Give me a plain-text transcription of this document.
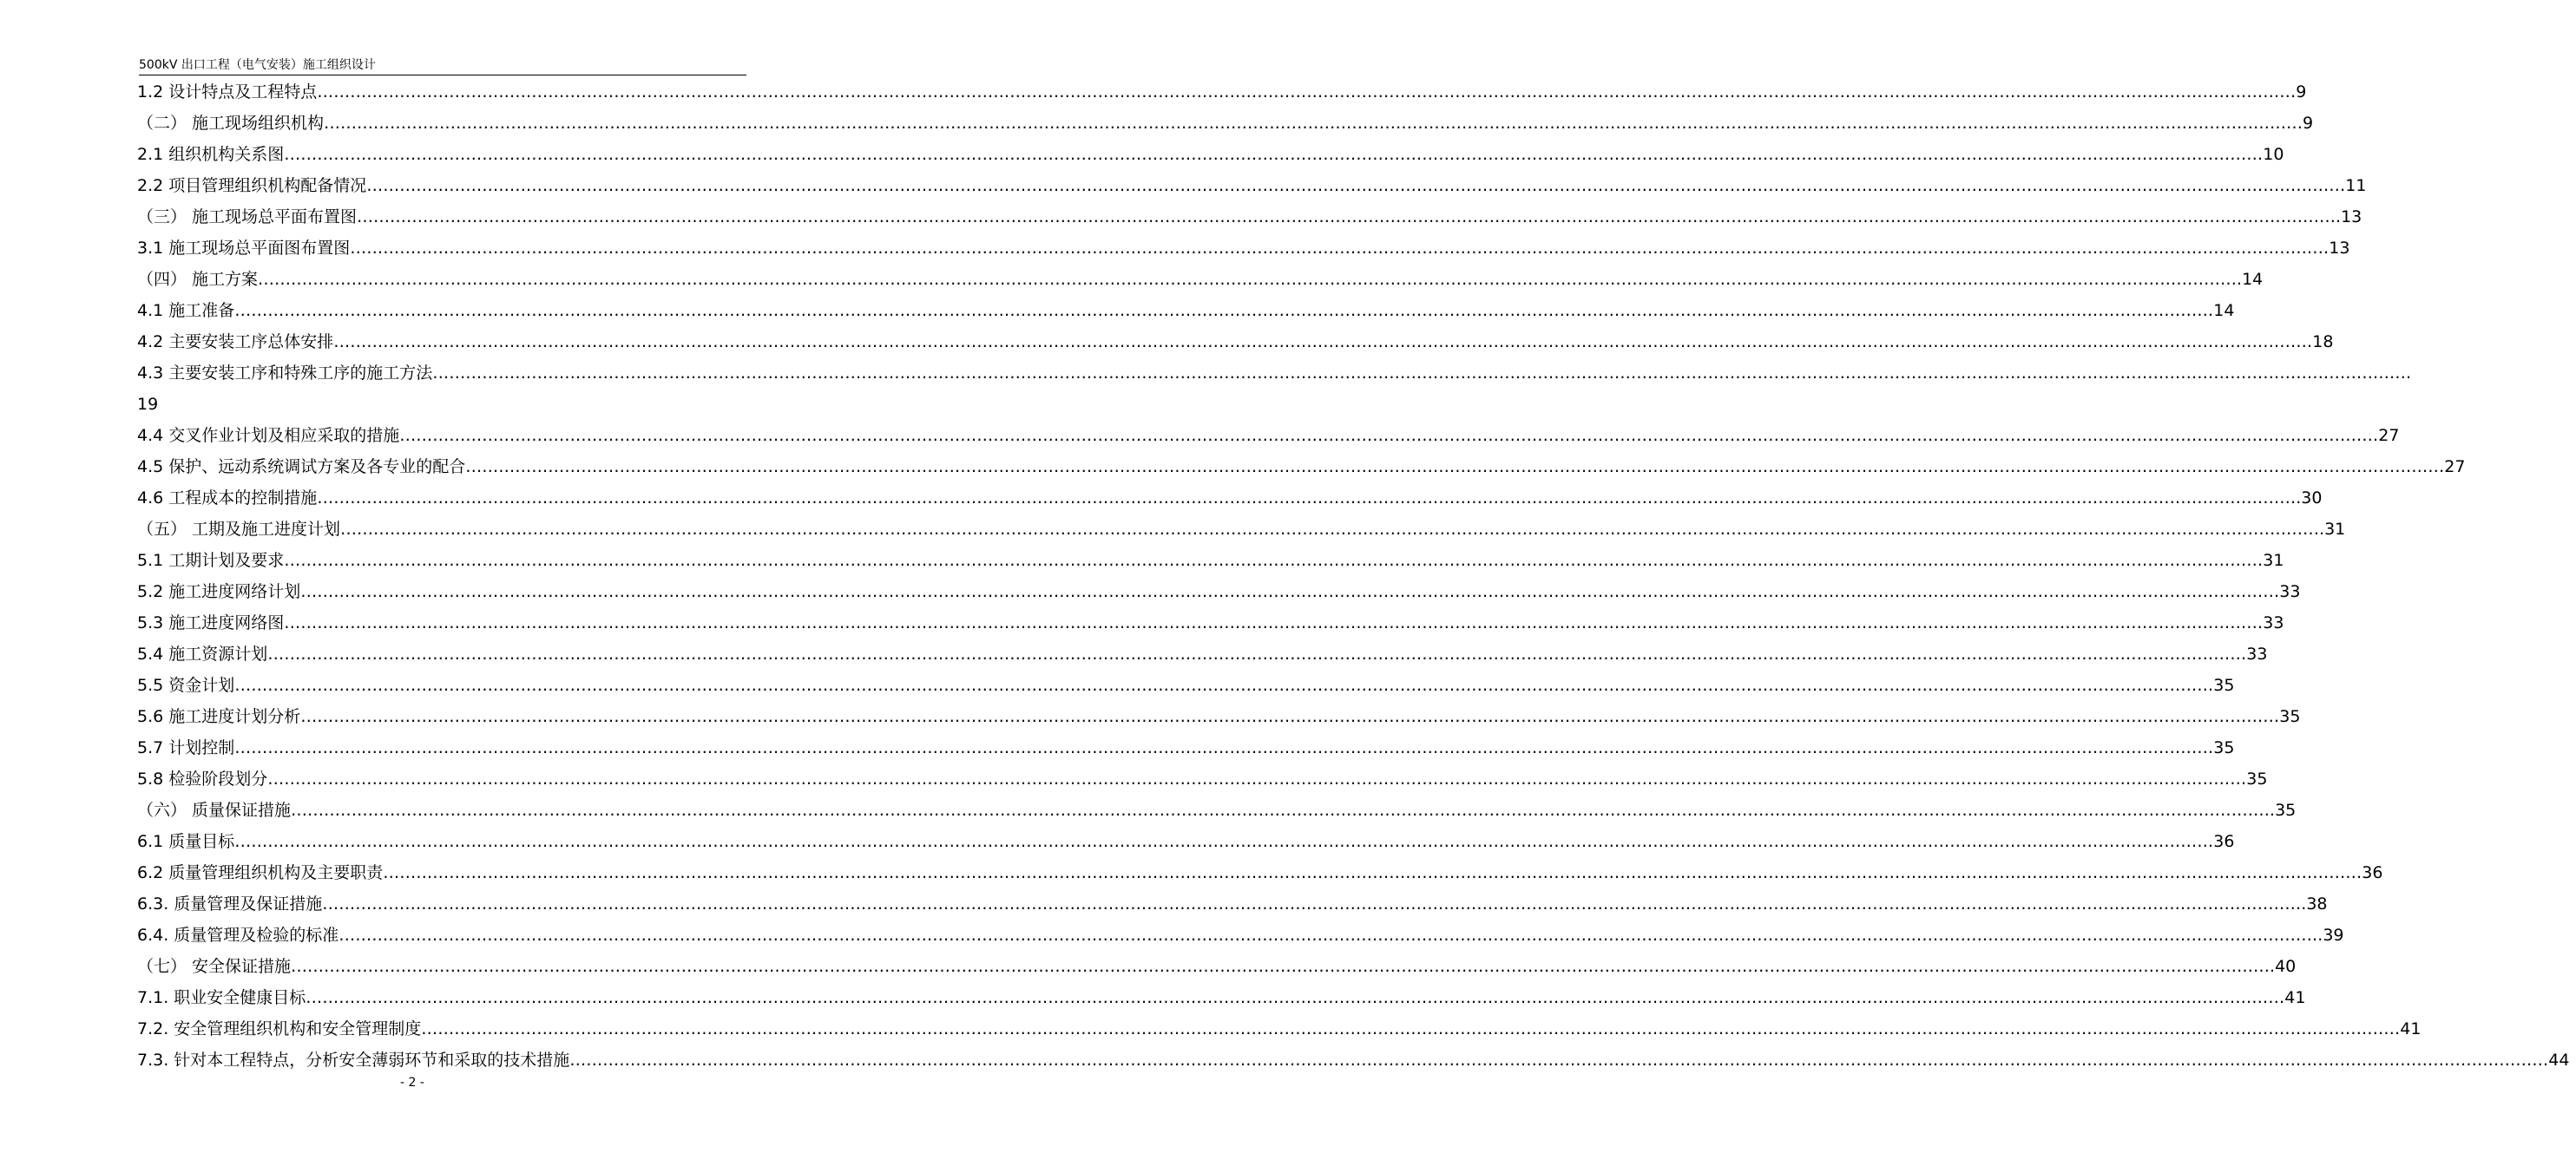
500kV 出口工程（电气安装）施工组织设计
1.2 设计特点及工程特点 ……………………………………………………………………………………………………………………………………………………………………………………………………………………………………………………………………………………………………………………………… 9
（二） 施工现场组织机构 ……………………………………………………………………………………………………………………………………………………………………………………………………………………………………………………………………………………………………………………………… 9
2.1 组织机构关系图 ……………………………………………………………………………………………………………………………………………………………………………………………………………………………………………………………………………………………………………………………… 10
2.2 项目管理组织机构配备情况 ……………………………………………………………………………………………………………………………………………………………………………………………………………………………………………………………………………………………………………………………… 11
（三） 施工现场总平面布置图 ……………………………………………………………………………………………………………………………………………………………………………………………………………………………………………………………………………………………………………………………… .13
3.1 施工现场总平面图布置图 ……………………………………………………………………………………………………………………………………………………………………………………………………………………………………………………………………………………………………………………………… 13
（四） 施工方案 ……………………………………………………………………………………………………………………………………………………………………………………………………………………………………………………………………………………………………………………………… .14
4.1 施工准备 ……………………………………………………………………………………………………………………………………………………………………………………………………………………………………………………………………………………………………………………………… 14
4.2 主要安装工序总体安排 ……………………………………………………………………………………………………………………………………………………………………………………………………………………………………………………………………………………………………………………………… 18
4.3 主要安装工序和特殊工序的施工方法 ………………………………………………………………………………………………………………………………………………………………………………………………………………………………………………………………………………………………………………………………
19
4.4 交叉作业计划及相应采取的措施 ……………………………………………………………………………………………………………………………………………………………………………………………………………………………………………………………………………………………………………………………… 27
4.5 保护、远动系统调试方案及各专业的配合 ……………………………………………………………………………………………………………………………………………………………………………………………………………………………………………………………………………………………………………………………… 27
4.6 工程成本的控制措施 ……………………………………………………………………………………………………………………………………………………………………………………………………………………………………………………………………………………………………………………………… .30
（五） 工期及施工进度计划 ……………………………………………………………………………………………………………………………………………………………………………………………………………………………………………………………………………………………………………………………… .31
5.1 工期计划及要求 ……………………………………………………………………………………………………………………………………………………………………………………………………………………………………………………………………………………………………………………………… 31
5.2 施工进度网络计划 ……………………………………………………………………………………………………………………………………………………………………………………………………………………………………………………………………………………………………………………………… 33
5.3 施工进度网络图 ……………………………………………………………………………………………………………………………………………………………………………………………………………………………………………………………………………………………………………………………… 33
5.4 施工资源计划 ……………………………………………………………………………………………………………………………………………………………………………………………………………………………………………………………………………………………………………………………… 33
5.5 资金计划 ……………………………………………………………………………………………………………………………………………………………………………………………………………………………………………………………………………………………………………………………… 35
5.6 施工进度计划分析 ……………………………………………………………………………………………………………………………………………………………………………………………………………………………………………………………………………………………………………………………… 35
5.7 计划控制 ……………………………………………………………………………………………………………………………………………………………………………………………………………………………………………………………………………………………………………………………… 35
5.8 检验阶段划分 ……………………………………………………………………………………………………………………………………………………………………………………………………………………………………………………………………………………………………………………………… 35
（六） 质量保证措施 ……………………………………………………………………………………………………………………………………………………………………………………………………………………………………………………………………………………………………………………………… .35
6.1 质量目标 ……………………………………………………………………………………………………………………………………………………………………………………………………………………………………………………………………………………………………………………………… 36
6.2 质量管理组织机构及主要职责 ……………………………………………………………………………………………………………………………………………………………………………………………………………………………………………………………………………………………………………………………… 36
6.3. 质量管理及保证措施 ……………………………………………………………………………………………………………………………………………………………………………………………………………………………………………………………………………………………………………………………… .38
6.4. 质量管理及检验的标准 ……………………………………………………………………………………………………………………………………………………………………………………………………………………………………………………………………………………………………………………………… .39
（七） 安全保证措施 ……………………………………………………………………………………………………………………………………………………………………………………………………………………………………………………………………………………………………………………………… .40
7.1. 职业安全健康目标 ……………………………………………………………………………………………………………………………………………………………………………………………………………………………………………………………………………………………………………………………… 41
7.2. 安全管理组织机构和安全管理制度 ……………………………………………………………………………………………………………………………………………………………………………………………………………………………………………………………………………………………………………………………… 41
7.3. 针对本工程特点，分析安全薄弱环节和采取的技术措施 ……………………………………………………………………………………………………………………………………………………………………………………………………………………………………………………………………………………………………………………………… 44
- 2 -
